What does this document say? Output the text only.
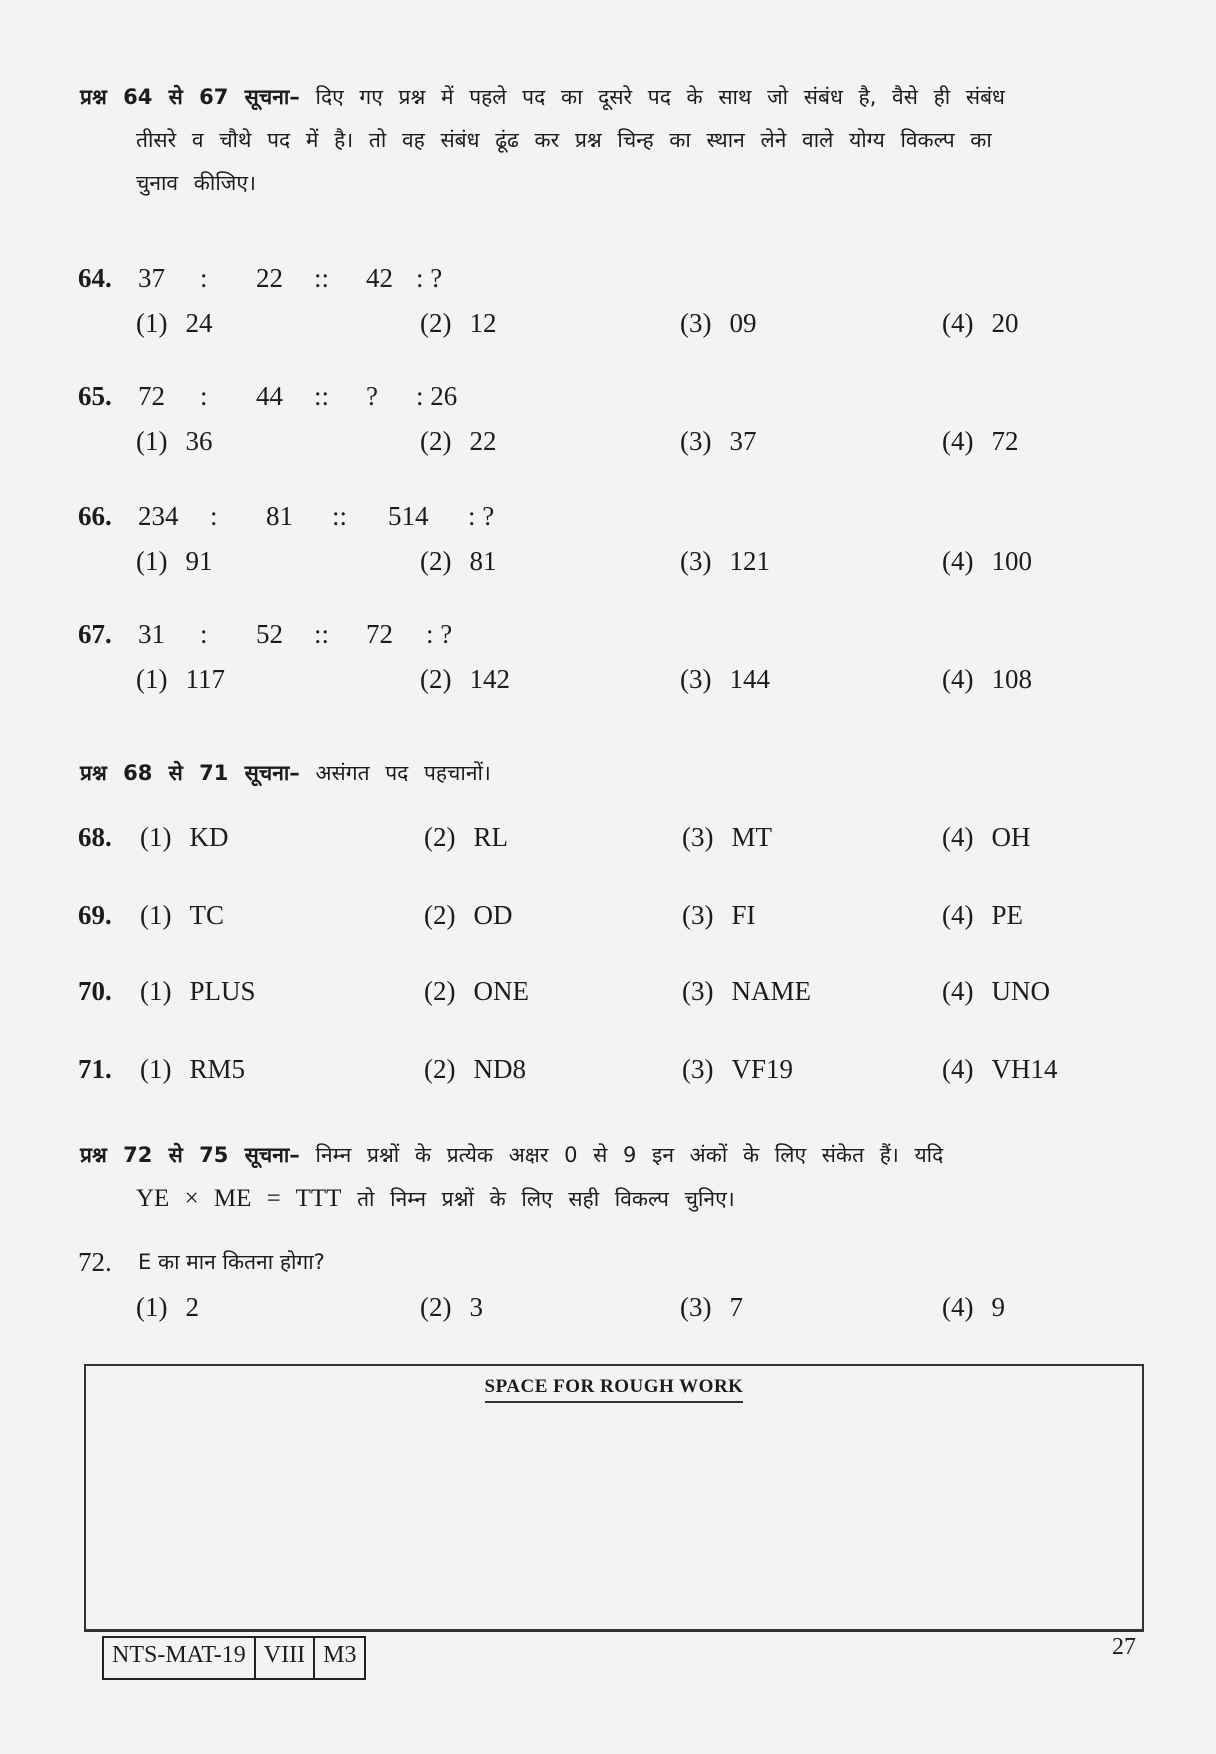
प्रश्न 64 से 67 सूचना– दिए गए प्रश्न में पहले पद का दूसरे पद के साथ जो संबंध है, वैसे ही संबंध
तीसरे व चौथे पद में है। तो वह संबंध ढूंढ कर प्रश्न चिन्ह का स्थान लेने वाले योग्य विकल्प का
चुनाव कीजिए।
64. 37	:	22	::	42 : ?
(1) 24	(2) 12	(3) 09	(4) 20
65. 72	:	44	::	?	: 26
(1) 36	(2) 22	(3) 37	(4) 72
66. 234	:	81	::	514	: ?
(1) 91	(2) 81	(3) 121	(4) 100
67. 31	:	52	::	72	: ?
(1) 117	(2) 142	(3) 144	(4) 108
प्रश्न 68 से 71 सूचना– असंगत पद पहचानों।
68.	(1) KD	(2) RL	(3) MT	(4) OH
69.	(1) TC	(2) OD	(3) FI	(4) PE
70.	(1) PLUS	(2) ONE	(3) NAME	(4) UNO
71.	(1) RM5	(2) ND8	(3) VF19	(4) VH14
प्रश्न 72 से 75 सूचना– निम्न प्रश्नों के प्रत्येक अक्षर 0 से 9 इन अंकों के लिए संकेत हैं। यदि
YE × ME = TTT तो निम्न प्रश्नों के लिए सही विकल्प चुनिए।
72.	E का मान कितना होगा?
(1) 2	(2) 3	(3) 7	(4) 9
SPACE FOR ROUGH WORK
NTS-MAT-19 VIII M3	27
